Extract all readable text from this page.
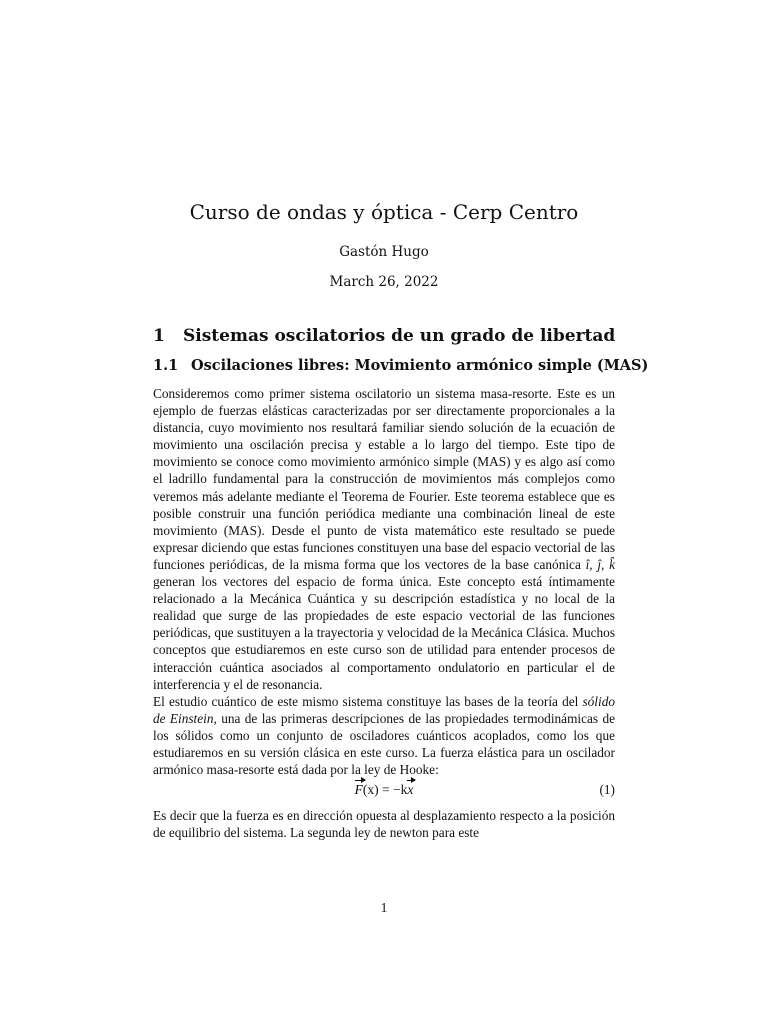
Curso de ondas y óptica - Cerp Centro
Gastón Hugo
March 26, 2022
1 Sistemas oscilatorios de un grado de libertad
1.1 Oscilaciones libres: Movimiento armónico simple (MAS)

Consideremos como primer sistema oscilatorio un sistema masa-resorte. Este es un ejemplo de fuerzas elásticas caracterizadas por ser directamente proporcionales a la distancia, cuyo movimiento nos resultará familiar siendo solución de la ecuación de movimiento una oscilación precisa y estable a lo largo del tiempo. Este tipo de movimiento se conoce como movimiento armónico simple (MAS) y es algo así como el ladrillo fundamental para la construcción de movimientos más complejos como veremos más adelante mediante el Teorema de Fourier. Este teorema establece que es posible construir una función periódica mediante una combinación lineal de este movimiento (MAS). Desde el punto de vista matemático este resultado se puede expresar diciendo que estas funciones constituyen una base del espacio vectorial de las funciones periódicas, de la misma forma que los vectores de la base canónica î, ĵ, k̂ generan los vectores del espacio de forma única. Este concepto está íntimamente relacionado a la Mecánica Cuántica y su descripción estadística y no local de la realidad que surge de las propiedades de este espacio vectorial de las funciones periódicas, que sustituyen a la trayectoria y velocidad de la Mecánica Clásica. Muchos conceptos que estudiaremos en este curso son de utilidad para entender procesos de interacción cuántica asociados al comportamento ondulatorio en particular el de interferencia y el de resonancia.

El estudio cuántico de este mismo sistema constituye las bases de la teoría del sólido de Einstein, una de las primeras descripciones de las propiedades termodinámicas de los sólidos como un conjunto de osciladores cuánticos acoplados, como los que estudiaremos en su versión clásica en este curso. La fuerza elástica para un oscilador armónico masa-resorte está dada por la ley de Hooke:

F(x) = −kx	(1)

Es decir que la fuerza es en dirección opuesta al desplazamiento respecto a la posición de equilibrio del sistema. La segunda ley de newton para este

1
